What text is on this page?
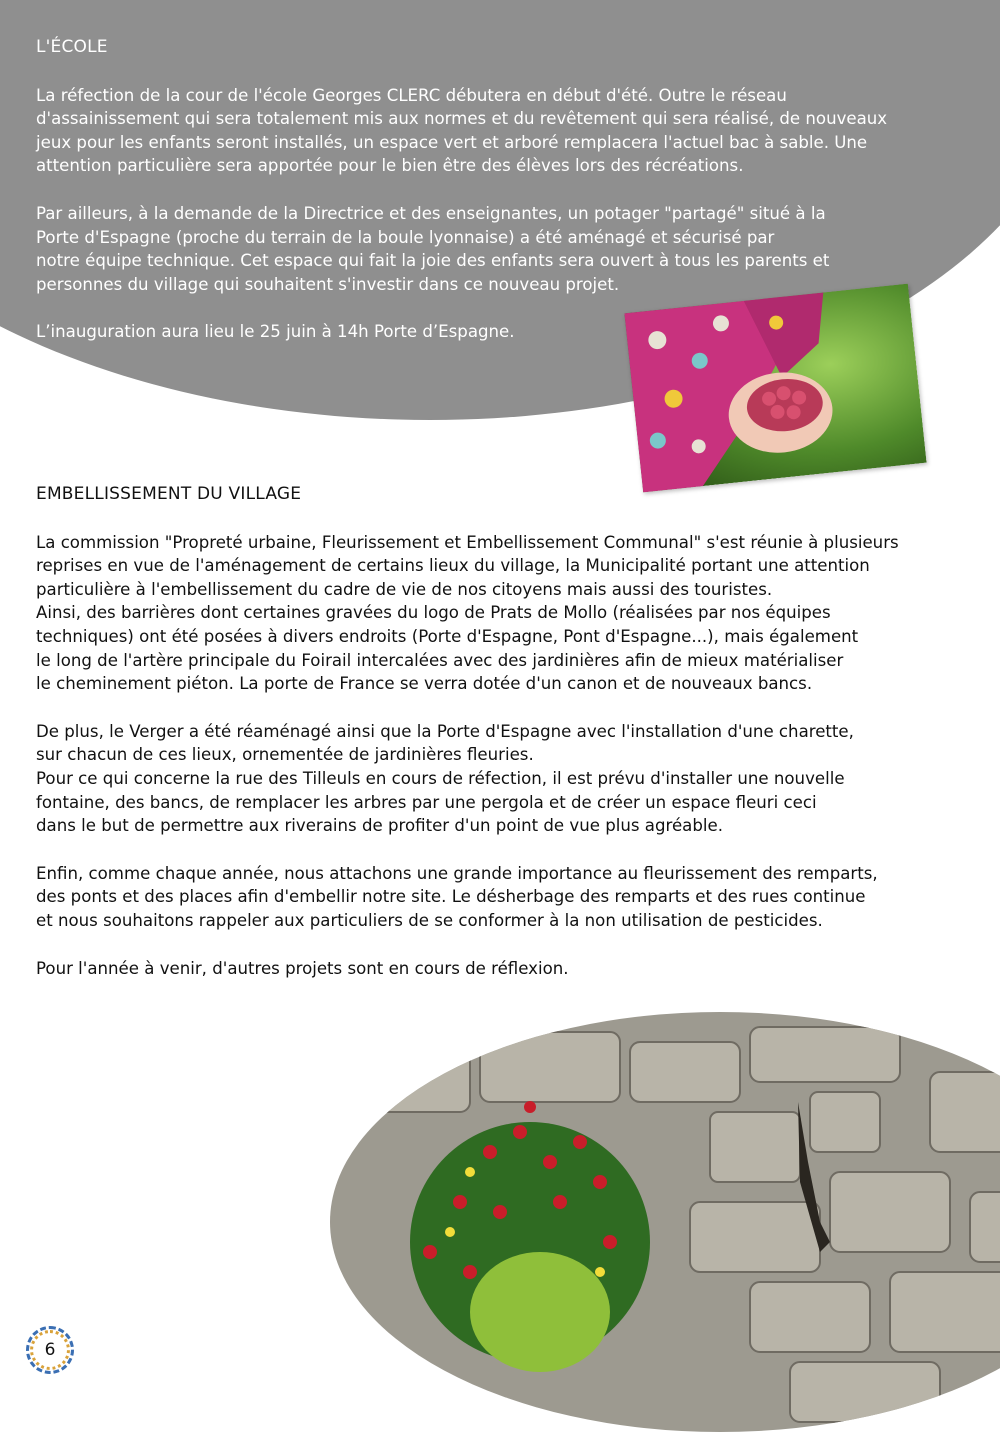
L'ÉCOLE
La réfection de la cour de l'école Georges CLERC débutera en début d'été. Outre le réseau
d'assainissement qui sera totalement mis aux normes et du revêtement qui sera réalisé, de nouveaux
jeux pour les enfants seront installés, un espace vert et arboré remplacera l'actuel bac à sable. Une
attention particulière sera apportée pour le bien être des élèves lors des récréations.
Par ailleurs, à la demande de la Directrice et des enseignantes, un potager "partagé" situé à la
Porte d'Espagne (proche du terrain de la boule lyonnaise) a été aménagé et sécurisé par
notre équipe technique. Cet espace qui fait la joie des enfants sera ouvert à tous les parents et
personnes du village qui souhaitent s'investir dans ce nouveau projet.
L’inauguration aura lieu le 25 juin à 14h Porte d’Espagne.
EMBELLISSEMENT DU VILLAGE
La commission "Propreté urbaine, Fleurissement et Embellissement Communal" s'est réunie à plusieurs
reprises en vue de l'aménagement de certains lieux du village, la Municipalité portant une attention
particulière à l'embellissement du cadre de vie de nos citoyens mais aussi des touristes.
Ainsi, des barrières dont certaines gravées du logo de Prats de Mollo (réalisées par nos équipes
techniques) ont été posées à divers endroits (Porte d'Espagne, Pont d'Espagne...), mais également
le long de l'artère principale du Foirail intercalées avec des jardinières afin de mieux matérialiser
le cheminement piéton. La porte de France se verra dotée d'un canon et de nouveaux bancs.
De plus, le Verger a été réaménagé ainsi que la Porte d'Espagne avec l'installation d'une charette,
sur chacun de ces lieux, ornementée de jardinières fleuries.
Pour ce qui concerne la rue des Tilleuls en cours de réfection, il est prévu d'installer une nouvelle
fontaine, des bancs, de remplacer les arbres par une pergola et de créer un espace fleuri ceci
dans le but de permettre aux riverains de profiter d'un point de vue plus agréable.
Enfin, comme chaque année, nous attachons une grande importance au fleurissement des remparts,
des ponts et des places afin d'embellir notre site. Le désherbage des remparts et des rues continue
et nous souhaitons rappeler aux particuliers de se conformer à la non utilisation de pesticides.
Pour l'année à venir, d'autres projets sont en cours de réflexion.
6
